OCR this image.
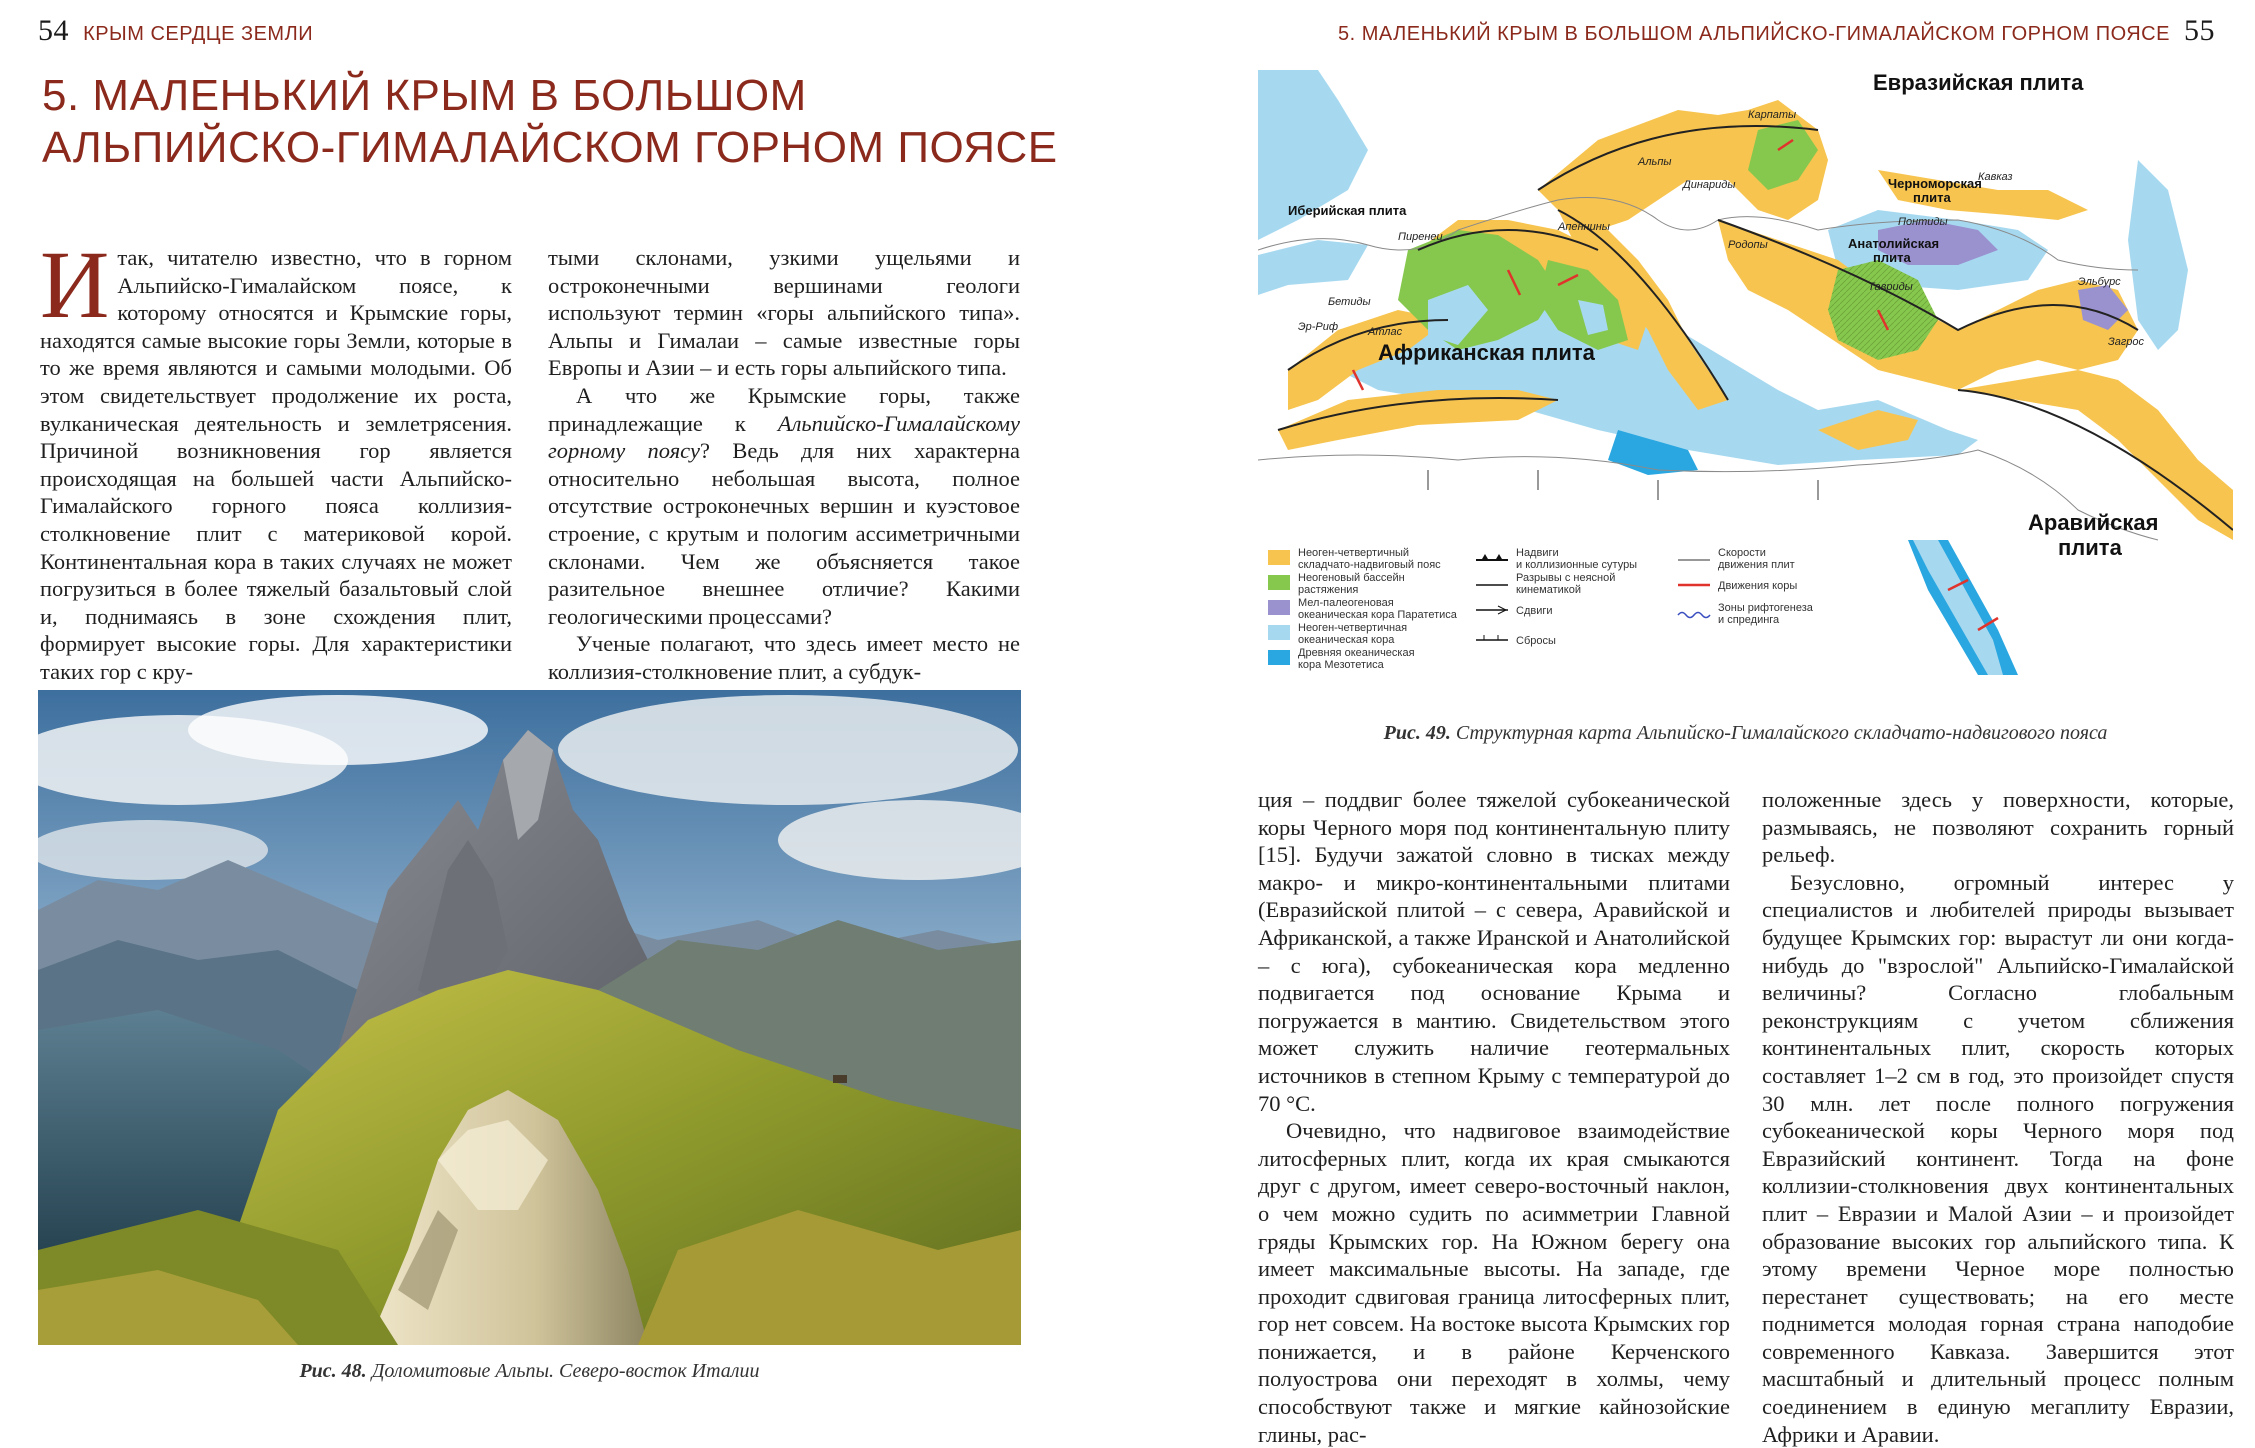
54 КРЫМ СЕРДЦЕ ЗЕМЛИ
5. МАЛЕНЬКИЙ КРЫМ В БОЛЬШОМ
АЛЬПИЙСКО-ГИМАЛАЙСКОМ ГОРНОМ ПОЯСЕ

Итак, читателю известно, что в горном Альпийско-Гималайском поясе, к которому относятся и Крымские горы, находятся самые высокие горы Земли, которые в то же время являются и самыми молодыми. Об этом свидетельствует продолжение их роста, вулканическая деятельность и землетрясения. Причиной возникновения гор является происходящая на большей части Альпийско-Гималайского горного пояса коллизия-столкновение плит с материковой корой. Континентальная кора в таких случаях не может погрузиться в более тяжелый базальтовый слой и, поднимаясь в зоне схождения плит, формирует высокие горы. Для характеристики таких гор с кру-

тыми склонами, узкими ущельями и остроконечными вершинами геологи используют термин «горы альпийского типа». Альпы и Гималаи – самые известные горы Европы и Азии – и есть горы альпийского типа.

А что же Крымские горы, также принадлежащие к Альпийско-Гималайскому горному поясу? Ведь для них характерна относительно небольшая высота, полное отсутствие остроконечных вершин и куэстовое строение, с крутым и пологим ассиметричными склонами. Чем же объясняется такое разительное внешнее отличие? Какими геологическими процессами?

Ученые полагают, что здесь имеет место не коллизия-столкновение плит, а субдук-

Рис. 48. Доломитовые Альпы. Северо-восток Италии
5. МАЛЕНЬКИЙ КРЫМ В БОЛЬШОМ АЛЬПИЙСКО-ГИМАЛАЙСКОМ ГОРНОМ ПОЯСЕ 55
Евразийская плита
Африканская плита
Аравийская
плита
Иберийская плита
Черноморская
плита
Анатолийская
плита
Карпаты
Альпы
Динариды
Пиренеи
Апеннины
Родопы
Понтиды
Кавказ
Тавриды	Эльбурс
Загрос
Бетиды
Эр-Риф	Атлас
Неоген-четвертичный
складчато-надвиговый пояс
Неогеновый бассейн
растяжения
Мел-палеогеновая
океаническая кора Паратетиса
Неоген-четвертичная
океаническая кора
Древняя океаническая
кора Мезотетиса
Надвиги
и коллизионные сутуры
Разрывы с неясной
кинематикой
Сдвиги
Сбросы
Скорости
движения плит
Движения коры
Зоны рифтогенеза
и спрединга
Рис. 49. Структурная карта Альпийско-Гималайского складчато-надвигового пояса

ция – поддвиг более тяжелой субокеанической коры Черного моря под континентальную плиту [15]. Будучи зажатой словно в тисках между макро- и микро-континентальными плитами (Евразийской плитой – с севера, Аравийской и Африканской, а также Иранской и Анатолийской – с юга), субокеаническая кора медленно подвигается под основание Крыма и погружается в мантию. Свидетельством этого может служить наличие геотермальных источников в степном Крыму с температурой до 70 °С.

Очевидно, что надвиговое взаимодействие литосферных плит, когда их края смыкаются друг с другом, имеет северо-восточный наклон, о чем можно судить по асимметрии Главной гряды Крымских гор. На Южном берегу она имеет максимальные высоты. На западе, где проходит сдвиговая граница литосферных плит, гор нет совсем. На востоке высота Крымских гор понижается, и в районе Керченского полуострова они переходят в холмы, чему способствуют также и мягкие кайнозойские глины, рас-

положенные здесь у поверхности, которые, размываясь, не позволяют сохранить горный рельеф.

Безусловно, огромный интерес у специалистов и любителей природы вызывает будущее Крымских гор: вырастут ли они когда-нибудь до "взрослой" Альпийско-Гималайской величины? Согласно глобальным реконструкциям с учетом сближения континентальных плит, скорость которых составляет 1–2 см в год, это произойдет спустя 30 млн. лет после полного погружения субокеанической коры Черного моря под Евразийский континент. Тогда на фоне коллизии-столкновения двух континентальных плит – Евразии и Малой Азии – и произойдет образование высоких гор альпийского типа. К этому времени Черное море полностью перестанет существовать; на его месте поднимется молодая горная страна наподобие современного Кавказа. Завершится этот масштабный и длительный процесс полным соединением в единую мегаплиту Евразии, Африки и Аравии.
